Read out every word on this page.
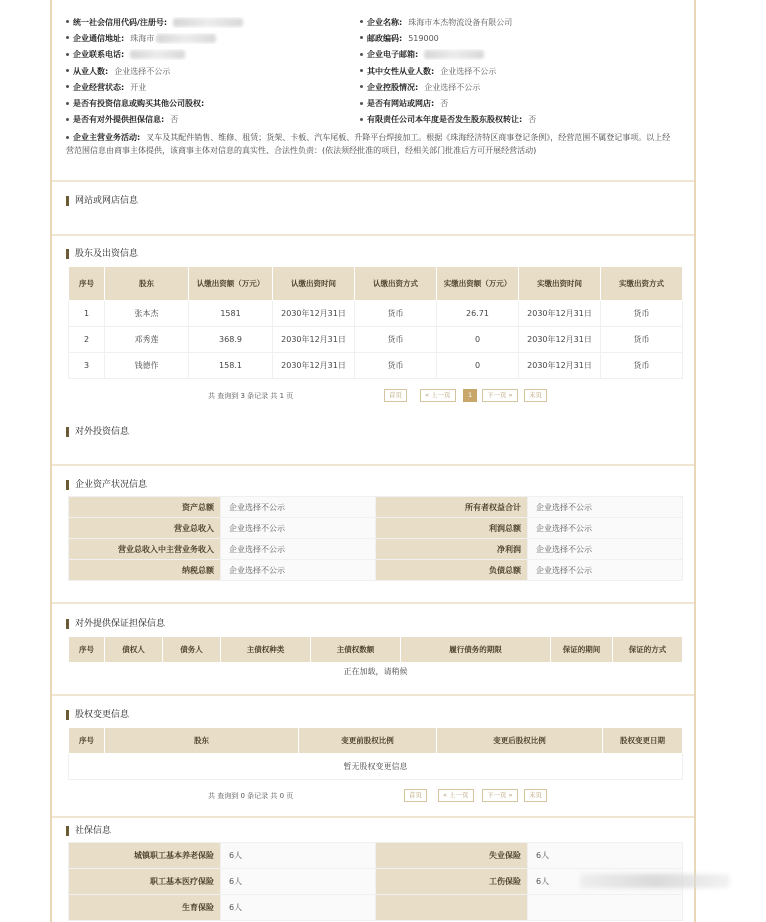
统一社会信用代码/注册号:	企业名称: 珠海市本杰物流设备有限公司
企业通信地址: 珠海市	邮政编码: 519000
企业联系电话:	企业电子邮箱:
从业人数: 企业选择不公示	其中女性从业人数: 企业选择不公示
企业经营状态: 开业	企业控股情况: 企业选择不公示
是否有投资信息或购买其他公司股权:	是否有网站或网店: 否
是否有对外提供担保信息: 否	有限责任公司本年度是否发生股东股权转让: 否
企业主营业务活动: 叉车及其配件销售、维修、租赁；货架、卡板、汽车尾板、升降平台焊接加工。根据《珠海经济特区商事登记条例》，经营范围不属登记事项。以上经营范围信息由商事主体提供，该商事主体对信息的真实性、合法性负责：(依法须经批准的项目，经相关部门批准后方可开展经营活动)
网站或网店信息
股东及出资信息
序号	股东	认缴出资额（万元）	认缴出资时间	认缴出资方式	实缴出资额（万元）	实缴出资时间	实缴出资方式
1	张本杰	1581	2030年12月31日	货币	26.71	2030年12月31日	货币
2	邓秀莲	368.9	2030年12月31日	货币	0	2030年12月31日	货币
3	钱德作	158.1	2030年12月31日	货币	0	2030年12月31日	货币
共 查询到 3 条记录 共 1 页	首页	« 上一页	1	下一页 »	末页
对外投资信息
企业资产状况信息
资产总额	企业选择不公示	所有者权益合计	企业选择不公示
营业总收入	企业选择不公示	利润总额	企业选择不公示
营业总收入中主营业务收入	企业选择不公示	净利润	企业选择不公示
纳税总额	企业选择不公示	负债总额	企业选择不公示
对外提供保证担保信息
序号	债权人	债务人	主债权种类	主债权数额	履行债务的期限	保证的期间	保证的方式
正在加载，请稍候
股权变更信息
序号	股东	变更前股权比例	变更后股权比例	股权变更日期
暂无股权变更信息
共 查询到 0 条记录 共 0 页	首页	« 上一页	下一页 »	末页
社保信息
城镇职工基本养老保险	6人	失业保险	6人
职工基本医疗保险	6人	工伤保险	6人
生育保险	6人		
